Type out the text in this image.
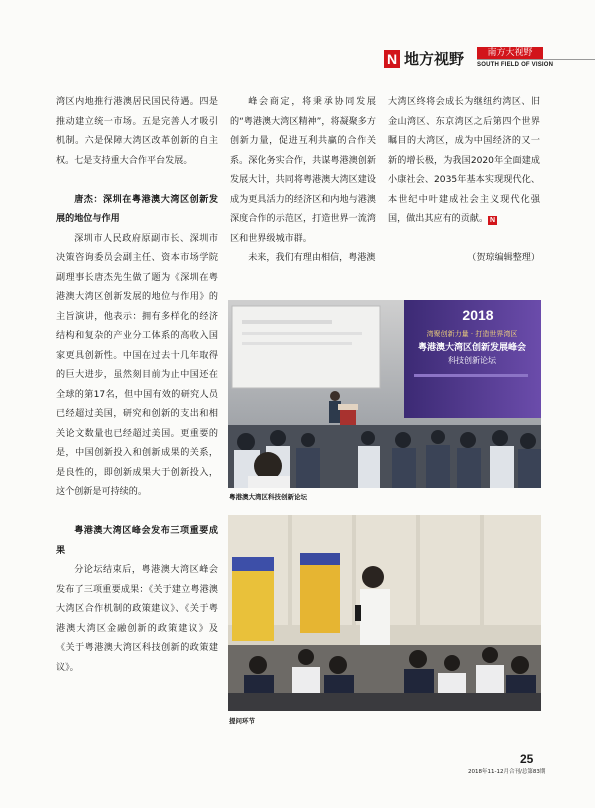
N 地方视野	南方大视野
SOUTH FIELD OF VISION

湾区内地推行港澳居民国民待遇。四是推动建立统一市场。五是完善人才吸引机制。六是保障大湾区改革创新的自主权。七是支持重大合作平台发展。

唐杰：深圳在粤港澳大湾区创新发展的地位与作用

深圳市人民政府原副市长、深圳市决策咨询委员会副主任、资本市场学院副理事长唐杰先生做了题为《深圳在粤港澳大湾区创新发展的地位与作用》的主旨演讲，他表示：拥有多样化的经济结构和复杂的产业分工体系的高收入国家更具创新性。中国在过去十几年取得的巨大进步，虽然刻目前为止中国还在全球的第17名，但中国有效的研究人员已经超过美国，研究和创新的支出和相关论文数量也已经超过美国。更重要的是，中国创新投入和创新成果的关系，是良性的，即创新成果大于创新投入，这个创新是可持续的。

粤港澳大湾区峰会发布三项重要成果

分论坛结束后，粤港澳大湾区峰会发布了三项重要成果：《关于建立粤港澳大湾区合作机制的政策建议》、《关于粤港澳大湾区金融创新的政策建议》及《关于粤港澳大湾区科技创新的政策建议》。

峰会商定，将秉承协同发展的“粤港澳大湾区精神”，将凝聚多方创新力量，促进互利共赢的合作关系。深化务实合作，共谋粤港澳创新发展大计，共同将粤港澳大湾区建设成为更具活力的经济区和内地与港澳深度合作的示范区，打造世界一流湾区和世界级城市群。

未来，我们有理由相信，粤港澳

大湾区终将会成长为继纽约湾区、旧金山湾区、东京湾区之后第四个世界瞩目的大湾区，成为中国经济的又一新的增长极，为我国2020年全面建成小康社会、2035年基本实现现代化、本世纪中叶建成社会主义现代化强国，做出其应有的贡献。 N

（贺琼编辑整理）
2018
湾聚创新力量 · 打造世界湾区
粤港澳大湾区创新发展峰会
科技创新论坛
粤港澳大湾区科技创新论坛
提问环节
25
2018年11-12月合刊/总第83期
